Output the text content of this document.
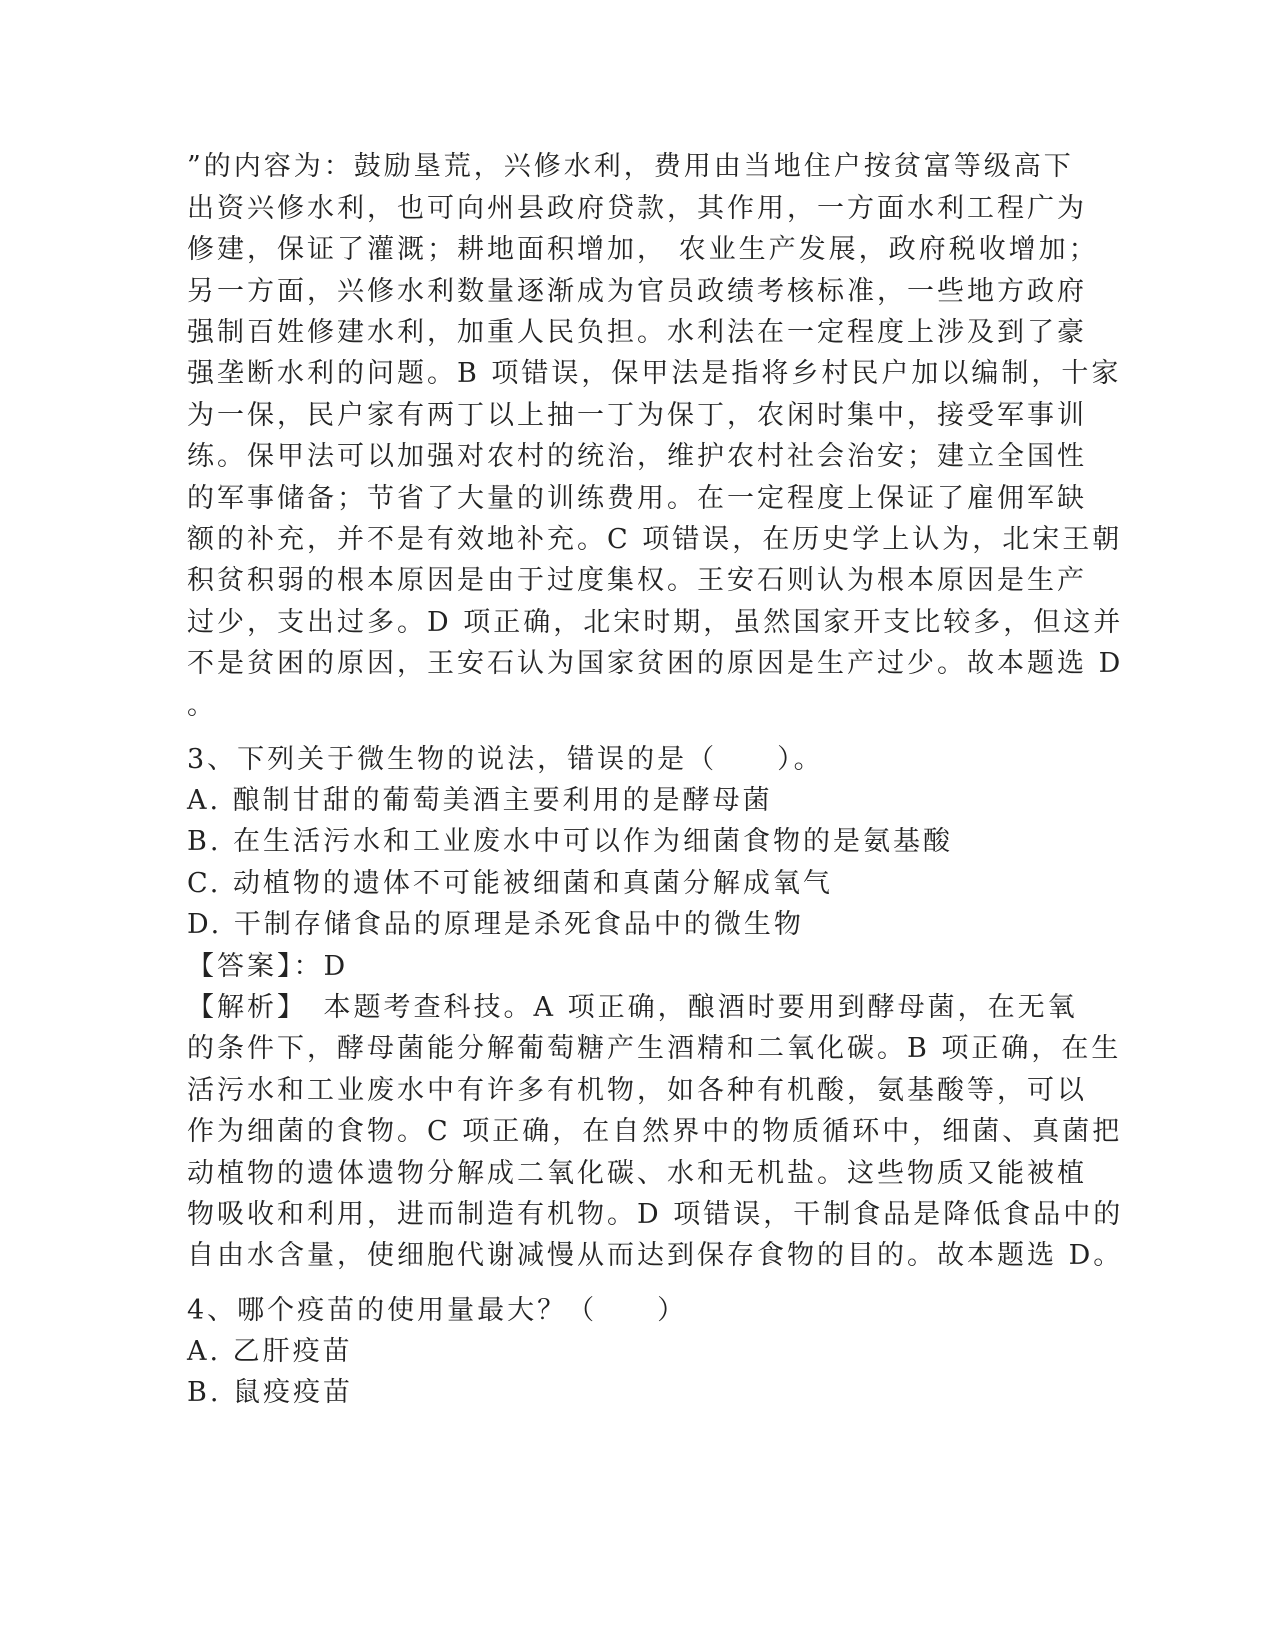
”的内容为：鼓励垦荒，兴修水利，费用由当地住户按贫富等级高下
出资兴修水利，也可向州县政府贷款，其作用，一方面水利工程广为
修建，保证了灌溉；耕地面积增加， 农业生产发展，政府税收增加；
另一方面，兴修水利数量逐渐成为官员政绩考核标准，一些地方政府
强制百姓修建水利，加重人民负担。水利法在一定程度上涉及到了豪
强垄断水利的问题。B 项错误，保甲法是指将乡村民户加以编制，十家
为一保，民户家有两丁以上抽一丁为保丁，农闲时集中，接受军事训
练。保甲法可以加强对农村的统治，维护农村社会治安；建立全国性
的军事储备；节省了大量的训练费用。在一定程度上保证了雇佣军缺
额的补充，并不是有效地补充。C 项错误，在历史学上认为，北宋王朝
积贫积弱的根本原因是由于过度集权。王安石则认为根本原因是生产
过少，支出过多。D 项正确，北宋时期，虽然国家开支比较多，但这并
不是贫困的原因，王安石认为国家贫困的原因是生产过少。故本题选 D
。
3、下列关于微生物的说法，错误的是（　　）。
A. 酿制甘甜的葡萄美酒主要利用的是酵母菌
B. 在生活污水和工业废水中可以作为细菌食物的是氨基酸
C. 动植物的遗体不可能被细菌和真菌分解成氧气
D. 干制存储食品的原理是杀死食品中的微生物
【答案】：D
【解析】　本题考查科技。A 项正确，酿酒时要用到酵母菌，在无氧
的条件下，酵母菌能分解葡萄糖产生酒精和二氧化碳。B 项正确，在生
活污水和工业废水中有许多有机物，如各种有机酸，氨基酸等，可以
作为细菌的食物。C 项正确，在自然界中的物质循环中，细菌、真菌把
动植物的遗体遗物分解成二氧化碳、水和无机盐。这些物质又能被植
物吸收和利用，进而制造有机物。D 项错误，干制食品是降低食品中的
自由水含量，使细胞代谢减慢从而达到保存食物的目的。故本题选 D。
4、哪个疫苗的使用量最大？（　　）
A. 乙肝疫苗
B. 鼠疫疫苗
